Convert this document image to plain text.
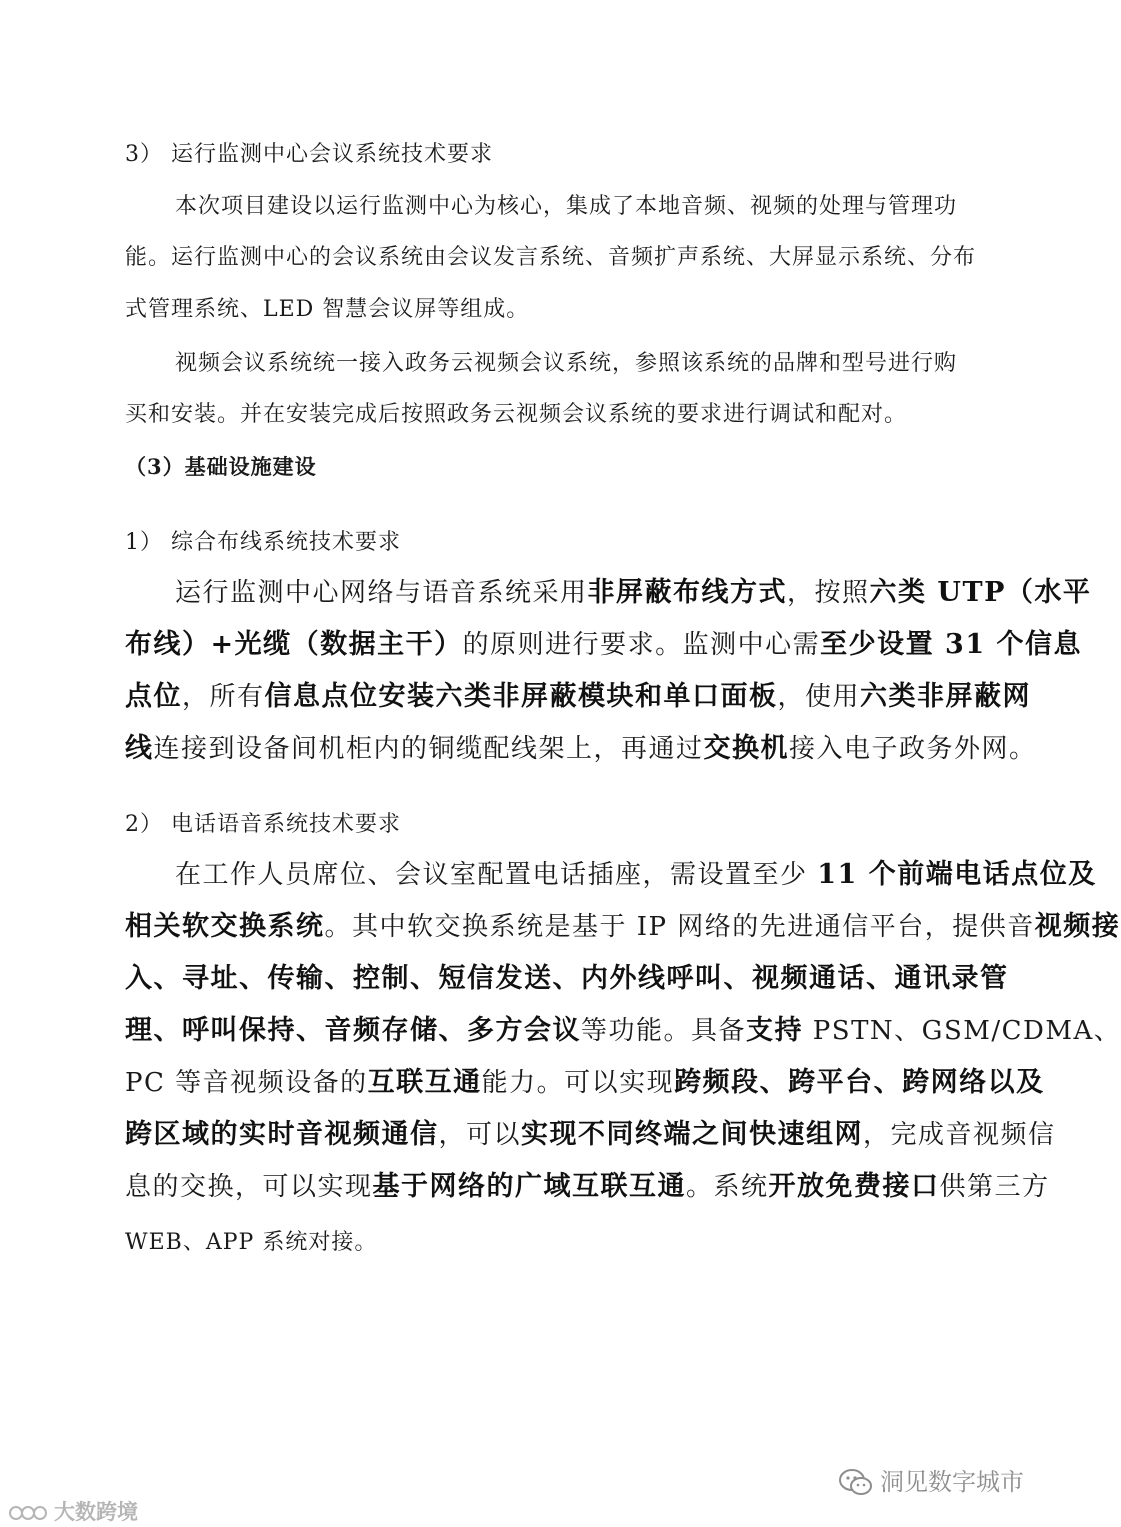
3） 运行监测中心会议系统技术要求
本次项目建设以运行监测中心为核心，集成了本地音频、视频的处理与管理功
能。运行监测中心的会议系统由会议发言系统、音频扩声系统、大屏显示系统、分布
式管理系统、LED 智慧会议屏等组成。
视频会议系统统一接入政务云视频会议系统，参照该系统的品牌和型号进行购
买和安装。并在安装完成后按照政务云视频会议系统的要求进行调试和配对。
（3）基础设施建设
1） 综合布线系统技术要求
运行监测中心网络与语音系统采用非屏蔽布线方式，按照六类 UTP（水平
布线）+光缆（数据主干）的原则进行要求。监测中心需至少设置 31 个信息
点位，所有信息点位安装六类非屏蔽模块和单口面板，使用六类非屏蔽网
线连接到设备间机柜内的铜缆配线架上，再通过交换机接入电子政务外网。
2） 电话语音系统技术要求
在工作人员席位、会议室配置电话插座，需设置至少 11 个前端电话点位及
相关软交换系统。其中软交换系统是基于 IP 网络的先进通信平台，提供音视频接
入、寻址、传输、控制、短信发送、内外线呼叫、视频通话、通讯录管
理、呼叫保持、音频存储、多方会议等功能。具备支持 PSTN、GSM/CDMA、
PC 等音视频设备的互联互通能力。可以实现跨频段、跨平台、跨网络以及
跨区域的实时音视频通信，可以实现不同终端之间快速组网，完成音视频信
息的交换，可以实现基于网络的广域互联互通。系统开放免费接口供第三方
WEB、APP 系统对接。
洞见数字城市
大数跨境
